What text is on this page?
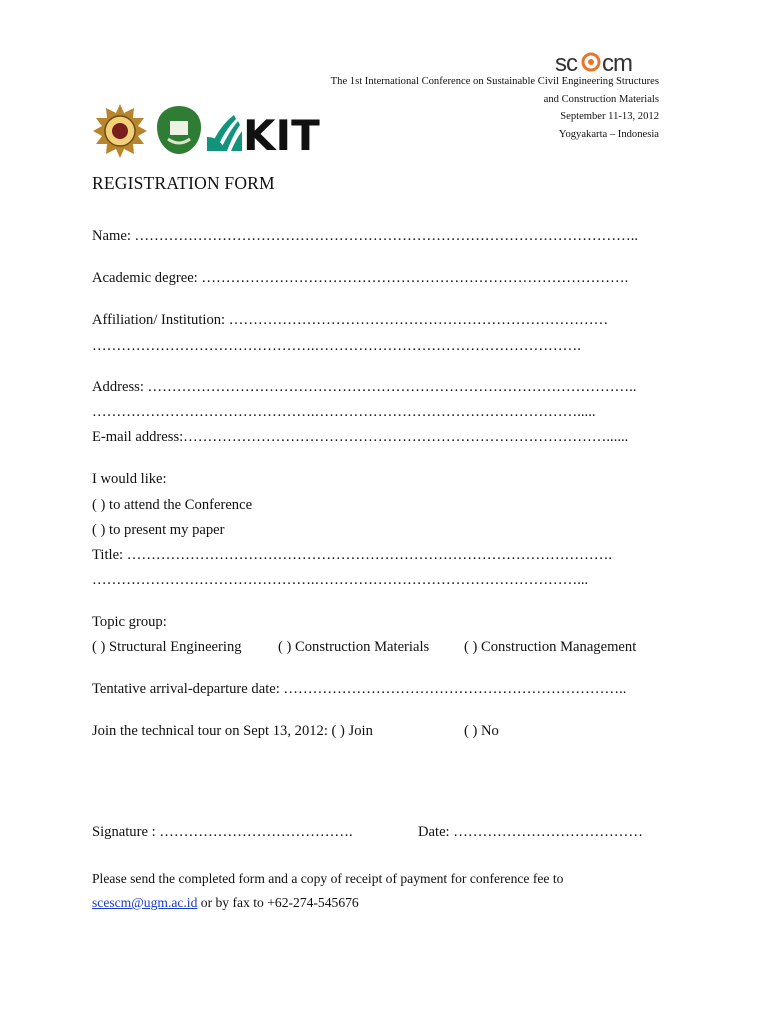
sc cm
The 1st International Conference on Sustainable Civil Engineering Structures
and Construction Materials
September 11-13, 2012
Yogyakarta – Indonesia
KIT
REGISTRATION FORM
Name: …………………………………………………………………………………………..
Academic degree: …………………………………………………………………………….
Affiliation/ Institution: ……………………………………………………………………
……………………………………….……………………………………………….
Address: ………………………………………………………………………………………..
……………………………………….……………………………………………….....
E-mail address:……………………………………………………………………………......
I would like:
( ) to attend the Conference
( ) to present my paper
Title: ……………………………………………………………………………………….
……………………………………….………………………………………………...
Topic group:
( ) Structural Engineering ( ) Construction Materials ( ) Construction Management
Tentative arrival-departure date: ……………………………………………………………..
Join the technical tour on Sept 13, 2012: ( ) Join	( ) No
Signature : ………………………………….	Date: …………………………………
Please send the completed form and a copy of receipt of payment for conference fee to
scescm@ugm.ac.id or by fax to +62-274-545676
